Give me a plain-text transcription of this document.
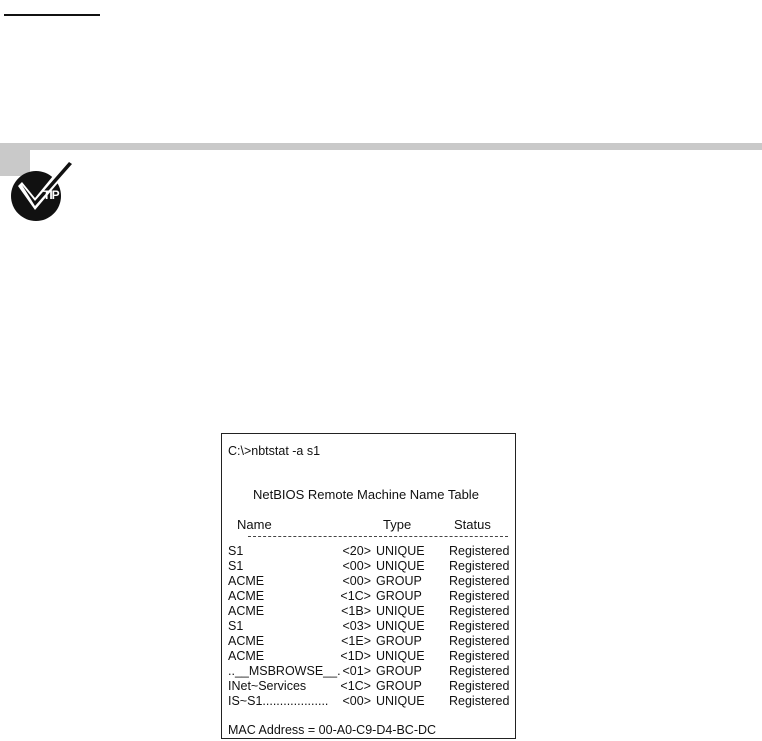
TIP
C:\>nbtstat -a s1
NetBIOS Remote Machine Name Table
Name	Type	Status
S1	<20> UNIQUE Registered
S1	<00> UNIQUE Registered
ACME	<00> GROUP Registered
ACME	<1C> GROUP Registered
ACME	<1B> UNIQUE Registered
S1	<03> UNIQUE Registered
ACME	<1E> GROUP Registered
ACME	<1D> UNIQUE Registered
..__MSBROWSE__. <01> GROUP Registered
INet~Services	<1C> GROUP Registered
IS~S1...................	<00> UNIQUE Registered
MAC Address = 00-A0-C9-D4-BC-DC
